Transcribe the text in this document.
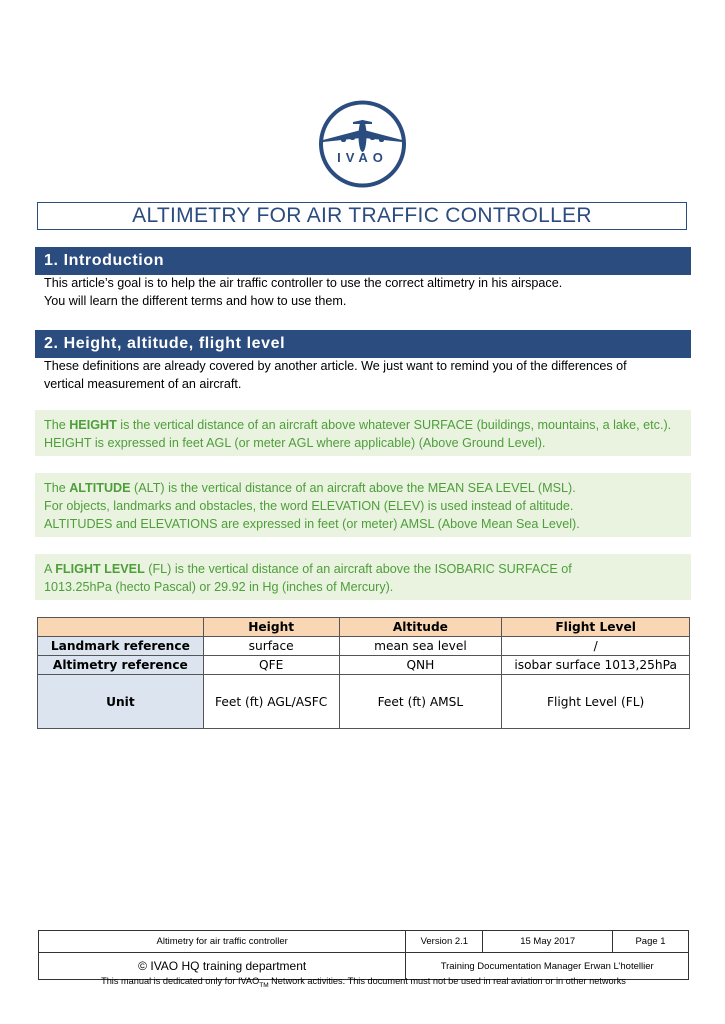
IVAO
ALTIMETRY FOR AIR TRAFFIC CONTROLLER
1. Introduction
This article’s goal is to help the air traffic controller to use the correct altimetry in his airspace.
You will learn the different terms and how to use them.
2. Height, altitude, flight level
These definitions are already covered by another article. We just want to remind you of the differences of
vertical measurement of an aircraft.
The HEIGHT is the vertical distance of an aircraft above whatever SURFACE (buildings, mountains, a lake, etc.). HEIGHT is expressed in feet AGL (or meter AGL where applicable) (Above Ground Level).
The ALTITUDE (ALT) is the vertical distance of an aircraft above the MEAN SEA LEVEL (MSL).
For objects, landmarks and obstacles, the word ELEVATION (ELEV) is used instead of altitude.
ALTITUDES and ELEVATIONS are expressed in feet (or meter) AMSL (Above Mean Sea Level).
A FLIGHT LEVEL (FL) is the vertical distance of an aircraft above the ISOBARIC SURFACE of
1013.25hPa (hecto Pascal) or 29.92 in Hg (inches of Mercury).
	Height	Altitude	Flight Level
Landmark reference	surface	mean sea level	/
Altimetry reference	QFE	QNH	isobar surface 1013,25hPa
Unit	Feet (ft) AGL/ASFC	Feet (ft) AMSL	Flight Level (FL)
Altimetry for air traffic controller	Version 2.1	15 May 2017	Page 1
© IVAO HQ training department	Training Documentation Manager Erwan L’hotellier		
This manual is dedicated only for $IVAO_{TM}$ Network activities. This document must not be used in real aviation or in other networks
